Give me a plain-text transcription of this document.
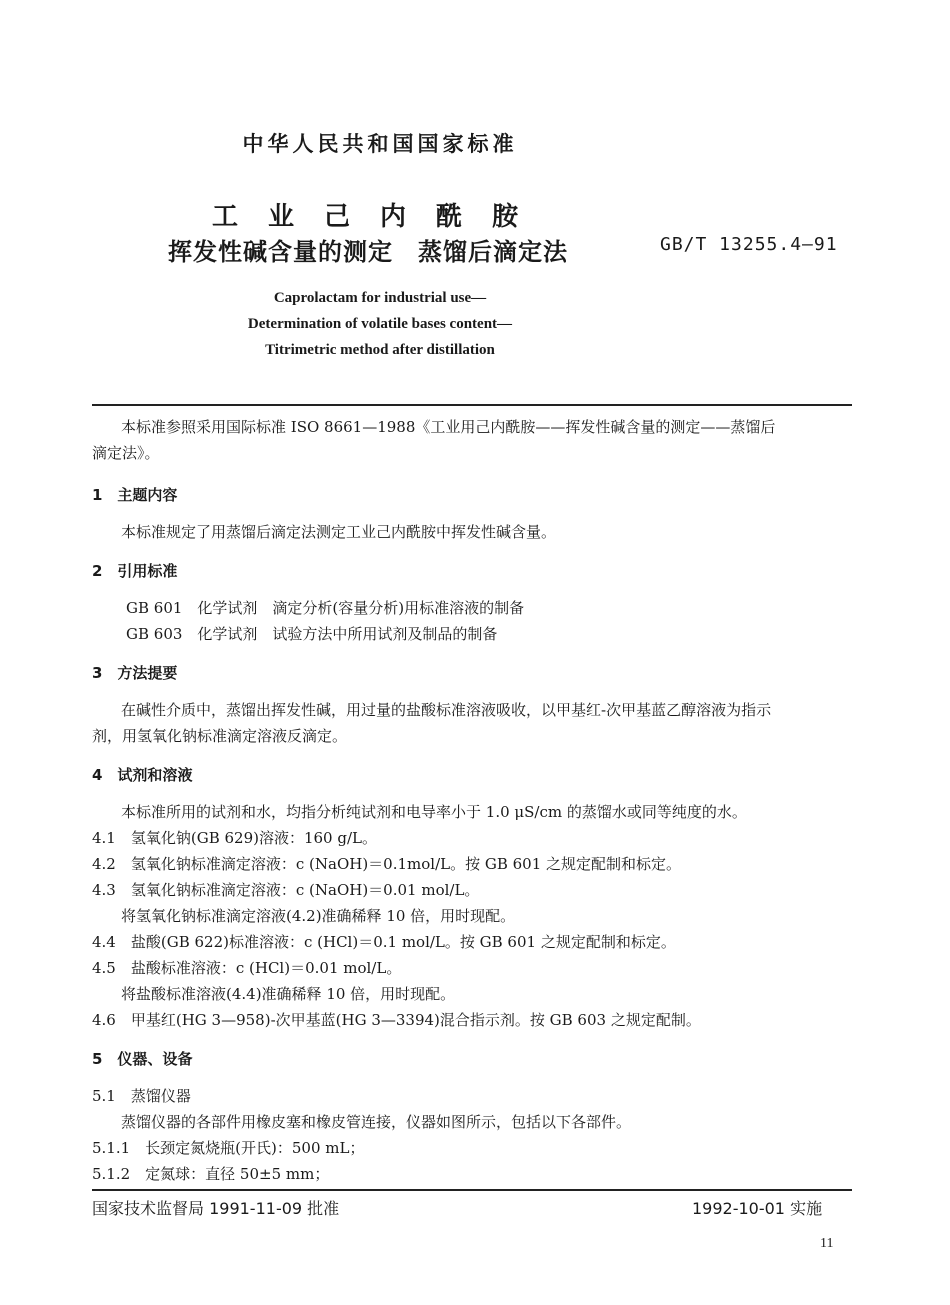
中华人民共和国国家标准
工业己内酰胺
挥发性碱含量的测定　蒸馏后滴定法	GB/T 13255.4—91
Caprolactam for industrial use—
Determination of volatile bases content—
Titrimetric method after distillation
本标准参照采用国际标准 ISO 8661—1988《工业用己内酰胺——挥发性碱含量的测定——蒸馏后
滴定法》。
1　主题内容
本标准规定了用蒸馏后滴定法测定工业己内酰胺中挥发性碱含量。
2　引用标准
GB 601　化学试剂　滴定分析(容量分析)用标准溶液的制备
GB 603　化学试剂　试验方法中所用试剂及制品的制备
3　方法提要
在碱性介质中，蒸馏出挥发性碱，用过量的盐酸标准溶液吸收，以甲基红-次甲基蓝乙醇溶液为指示
剂，用氢氧化钠标准滴定溶液反滴定。
4　试剂和溶液
本标准所用的试剂和水，均指分析纯试剂和电导率小于 1.0 μS/cm 的蒸馏水或同等纯度的水。
4.1　氢氧化钠(GB 629)溶液：160 g/L。
4.2　氢氧化钠标准滴定溶液：c (NaOH)＝0.1mol/L。按 GB 601 之规定配制和标定。
4.3　氢氧化钠标准滴定溶液：c (NaOH)＝0.01 mol/L。
将氢氧化钠标准滴定溶液(4.2)准确稀释 10 倍，用时现配。
4.4　盐酸(GB 622)标准溶液：c (HCl)＝0.1 mol/L。按 GB 601 之规定配制和标定。
4.5　盐酸标准溶液：c (HCl)＝0.01 mol/L。
将盐酸标准溶液(4.4)准确稀释 10 倍，用时现配。
4.6　甲基红(HG 3—958)-次甲基蓝(HG 3—3394)混合指示剂。按 GB 603 之规定配制。
5　仪器、设备
5.1　蒸馏仪器
蒸馏仪器的各部件用橡皮塞和橡皮管连接，仪器如图所示，包括以下各部件。
5.1.1　长颈定氮烧瓶(开氏)：500 mL；
5.1.2　定氮球：直径 50±5 mm；
国家技术监督局 1991-11-09 批准	1992-10-01 实施
11
